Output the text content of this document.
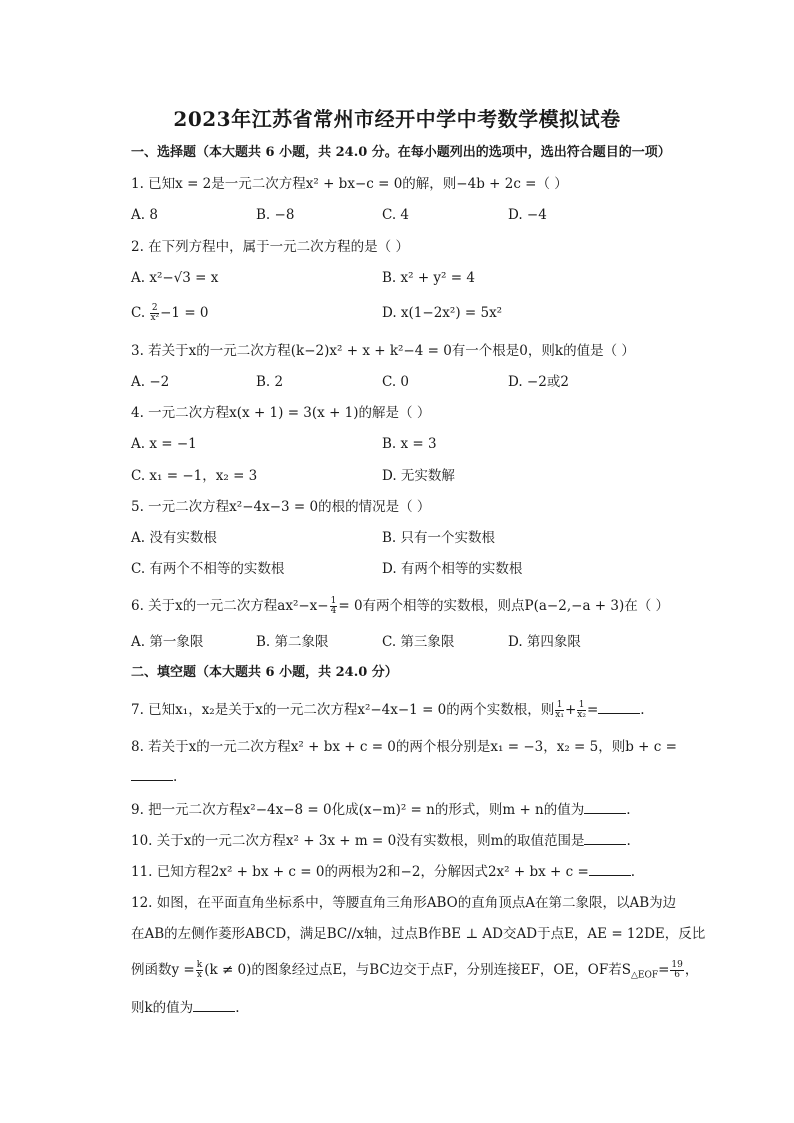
2023年江苏省常州市经开中学中考数学模拟试卷
一、选择题（本大题共 6 小题，共 24.0 分。在每小题列出的选项中，选出符合题目的一项）
1. 已知x = 2是一元二次方程x² + bx−c = 0的解，则−4b + 2c =（ ）
A. 8	B. −8	C. 4	D. −4
2. 在下列方程中，属于一元二次方程的是（ ）
A. x²−√3 = x	B. x² + y² = 4
C. $\frac{2}{\text{x²}} -1 = 0$	D. x(1−2x²) = 5x²
3. 若关于x的一元二次方程(k−2)x² + x + k²−4 = 0有一个根是0，则k的值是（ ）
A. −2	B. 2	C. 0	D. −2或2
4. 一元二次方程x(x + 1) = 3(x + 1)的解是（ ）
A. x = −1	B. x = 3
C. x₁ = −1，x₂ = 3	D. 无实数解
5. 一元二次方程x²−4x−3 = 0的根的情况是（ ）
A. 没有实数根	B. 只有一个实数根
C. 有两个不相等的实数根	D. 有两个相等的实数根
6. 关于x的一元二次方程$ax^2-x- \frac{1}{4} = 0$有两个相等的实数根，则点P(a−2,−a + 3)在（ ）
A. 第一象限	B. 第二象限	C. 第三象限	D. 第四象限
二、填空题（本大题共 6 小题，共 24.0 分）
7. 已知x₁，x₂是关于x的一元二次方程x²−4x−1 = 0的两个实数根，则 $\frac{1}{\text{x₁}} + \frac{1}{\text{x₂}}$ =	.
8. 若关于x的一元二次方程x² + bx + c = 0的两个根分别是x₁ = −3，x₂ = 5，则b + c =
.
9. 把一元二次方程x²−4x−8 = 0化成(x−m)² = n的形式，则m + n的值为	.
10. 关于x的一元二次方程x² + 3x + m = 0没有实数根，则m的取值范围是	.
11. 已知方程2x² + bx + c = 0的两根为2和−2，分解因式2x² + bx + c =	.
12. 如图，在平面直角坐标系中，等腰直角三角形ABO的直角顶点A在第二象限，以AB为边
在AB的左侧作菱形ABCD，满足BC//x轴，过点B作BE ⊥ AD交AD于点E，AE = 12DE，反比
例函数$y = \frac{k}{x} (k \ne 0)$的图象经过点E，与BC边交于点F，分别连接EF，OE，OF若$S_{\triangle EOF}= \frac{19}{6}$ ，
则k的值为	.
